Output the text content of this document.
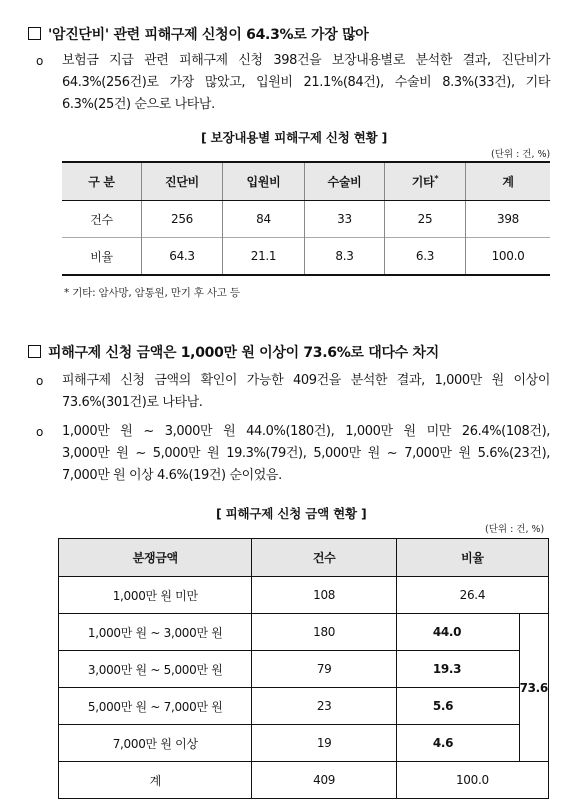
'암진단비' 관련 피해구제 신청이 64.3%로 가장 많아
o 보험금 지급 관련 피해구제 신청 398건을 보장내용별로 분석한 결과, 진단비가
64.3%(256건)로 가장 많았고, 입원비 21.1%(84건), 수술비 8.3%(33건), 기타
6.3%(25건) 순으로 나타남.
[ 보장내용별 피해구제 신청 현황 ]
(단위 : 건, %)
구 분	진단비	입원비	수술비	기타*	계
건수	256	84	33	25	398
비율	64.3	21.1	8.3	6.3	100.0
* 기타: 암사망, 암통원, 만기 후 사고 등
피해구제 신청 금액은 1,000만 원 이상이 73.6%로 대다수 차지
o 피해구제 신청 금액의 확인이 가능한 409건을 분석한 결과, 1,000만 원 이상이
73.6%(301건)로 나타남.
o 1,000만 원 ~ 3,000만 원 44.0%(180건), 1,000만 원 미만 26.4%(108건),
3,000만 원 ~ 5,000만 원 19.3%(79건), 5,000만 원 ~ 7,000만 원 5.6%(23건),
7,000만 원 이상 4.6%(19건) 순이었음.
[ 피해구제 신청 금액 현황 ]
(단위 : 건, %)
분쟁금액	건수	비율	
1,000만 원 미만	108	26.4	
1,000만 원 ~ 3,000만 원	180	44.0	73.6
3,000만 원 ~ 5,000만 원	79	19.3	
5,000만 원 ~ 7,000만 원	23	5.6	
7,000만 원 이상	19	4.6	
계	409	100.0	
